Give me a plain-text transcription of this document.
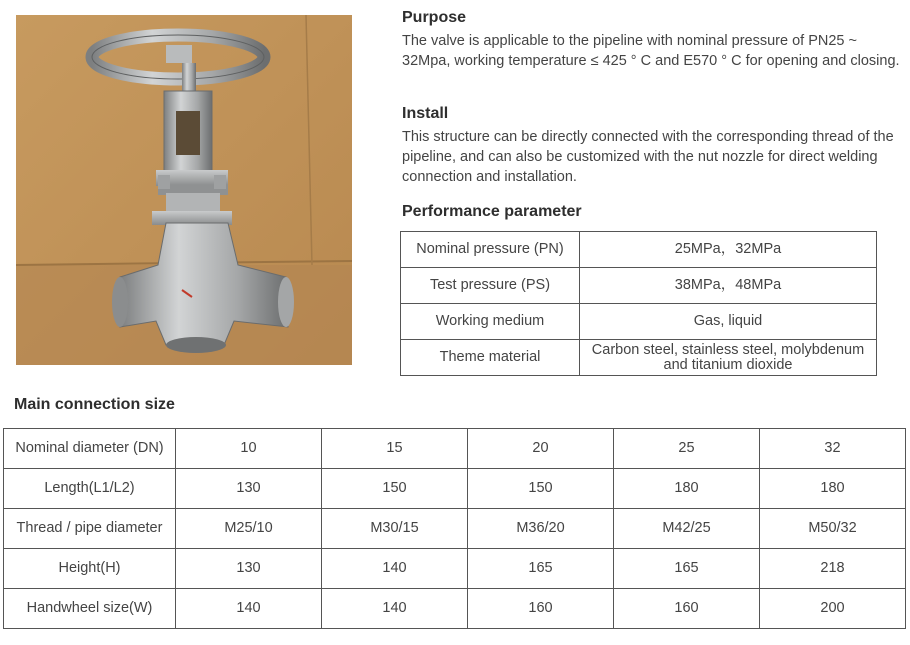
Purpose
The valve is applicable to the pipeline with nominal pressure of PN25 ~ 32Mpa, working temperature ≤ 425 ° C and E570 ° C for opening and closing.
Install
This structure can be directly connected with the corresponding thread of the pipeline, and can also be customized with the nut nozzle for direct welding connection and installation.
Performance parameter
Nominal pressure (PN)	25MPa，32MPa
Test pressure (PS)	38MPa，48MPa
Working medium	Gas, liquid
Theme material	Carbon steel, stainless steel, molybdenum and titanium dioxide
Main connection size
Nominal diameter (DN)	10	15	20	25	32
Length(L1/L2)	130	150	150	180	180
Thread / pipe diameter	M25/10	M30/15	M36/20	M42/25	M50/32
Height(H)	130	140	165	165	218
Handwheel size(W)	140	140	160	160	200
